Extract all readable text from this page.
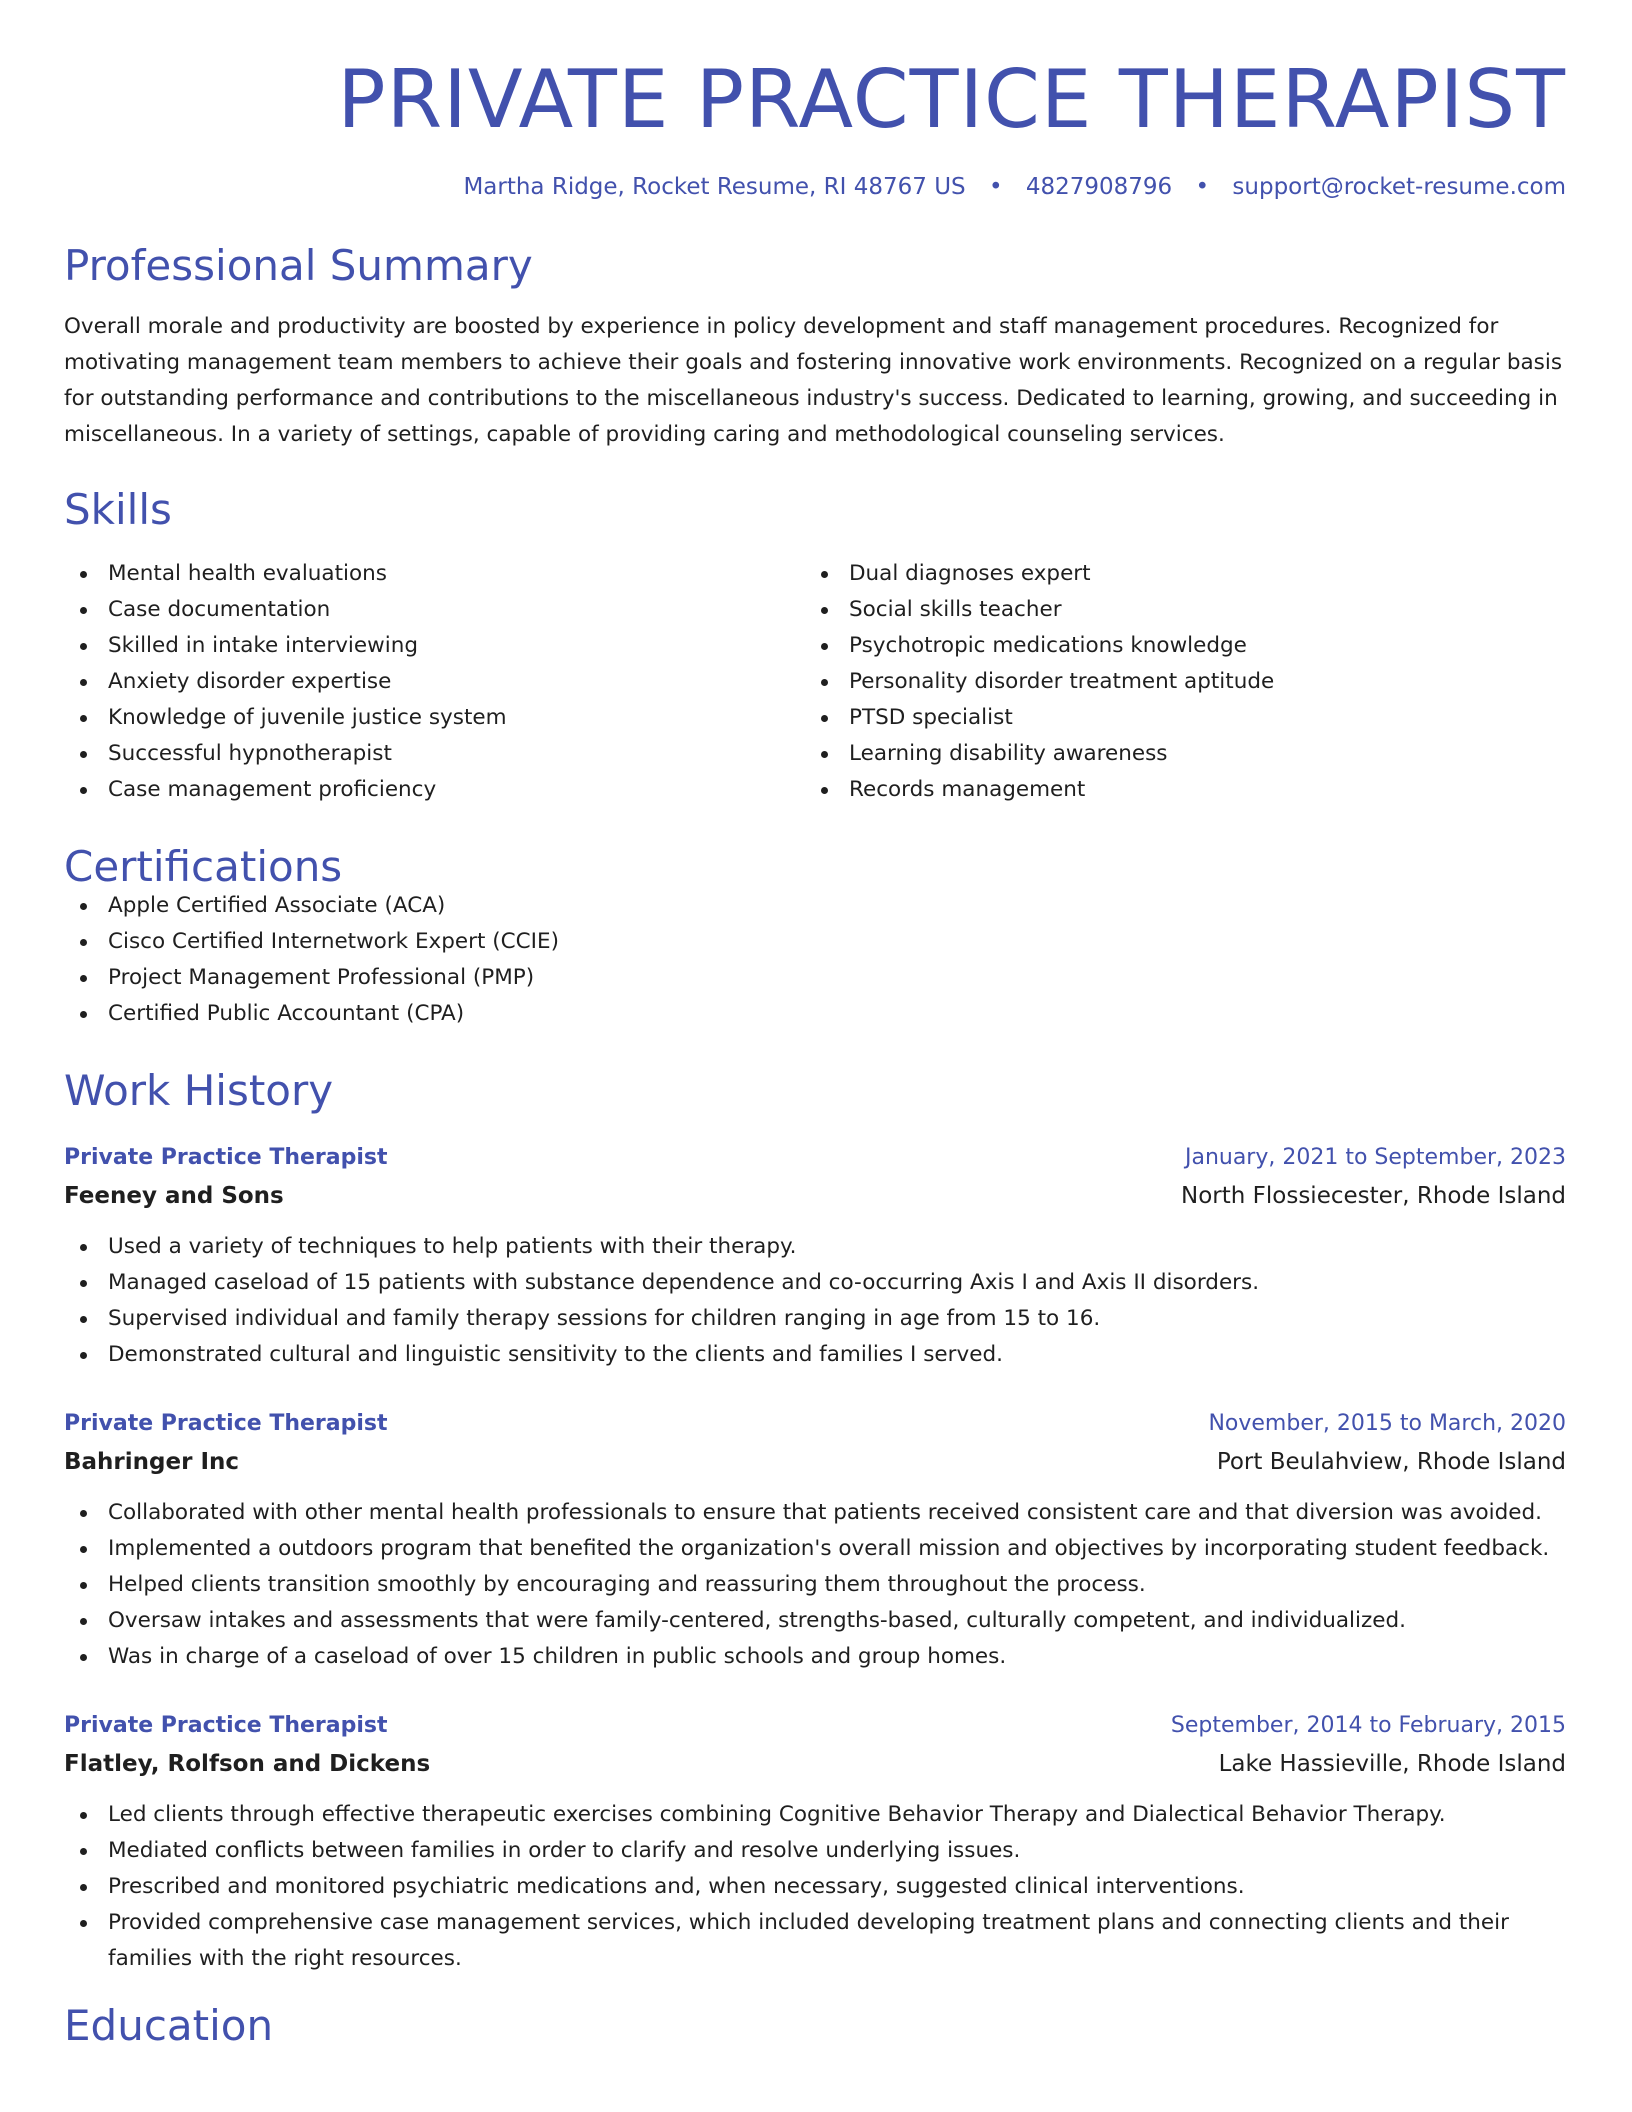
PRIVATE PRACTICE THERAPIST
Martha Ridge, Rocket Resume, RI 48767 US • 4827908796 • support@rocket-resume.com
Professional Summary
Overall morale and productivity are boosted by experience in policy development and staff management procedures. Recognized for motivating management team members to achieve their goals and fostering innovative work environments. Recognized on a regular basis for outstanding performance and contributions to the miscellaneous industry's success. Dedicated to learning, growing, and succeeding in miscellaneous. In a variety of settings, capable of providing caring and methodological counseling services.
Skills
Mental health evaluations
Case documentation
Skilled in intake interviewing
Anxiety disorder expertise
Knowledge of juvenile justice system
Successful hypnotherapist
Case management proficiency
Dual diagnoses expert
Social skills teacher
Psychotropic medications knowledge
Personality disorder treatment aptitude
PTSD specialist
Learning disability awareness
Records management
Certifications
Apple Certified Associate (ACA)
Cisco Certified Internetwork Expert (CCIE)
Project Management Professional (PMP)
Certified Public Accountant (CPA)
Work History
Private Practice Therapist	January, 2021 to September, 2023
Feeney and Sons	North Flossiecester, Rhode Island
Used a variety of techniques to help patients with their therapy.
Managed caseload of 15 patients with substance dependence and co-occurring Axis I and Axis II disorders.
Supervised individual and family therapy sessions for children ranging in age from 15 to 16.
Demonstrated cultural and linguistic sensitivity to the clients and families I served.
Private Practice Therapist	November, 2015 to March, 2020
Bahringer Inc	Port Beulahview, Rhode Island
Collaborated with other mental health professionals to ensure that patients received consistent care and that diversion was avoided.
Implemented a outdoors program that benefited the organization's overall mission and objectives by incorporating student feedback.
Helped clients transition smoothly by encouraging and reassuring them throughout the process.
Oversaw intakes and assessments that were family-centered, strengths-based, culturally competent, and individualized.
Was in charge of a caseload of over 15 children in public schools and group homes.
Private Practice Therapist	September, 2014 to February, 2015
Flatley, Rolfson and Dickens	Lake Hassieville, Rhode Island
Led clients through effective therapeutic exercises combining Cognitive Behavior Therapy and Dialectical Behavior Therapy.
Mediated conflicts between families in order to clarify and resolve underlying issues.
Prescribed and monitored psychiatric medications and, when necessary, suggested clinical interventions.
Provided comprehensive case management services, which included developing treatment plans and connecting clients and their families with the right resources.
Education
